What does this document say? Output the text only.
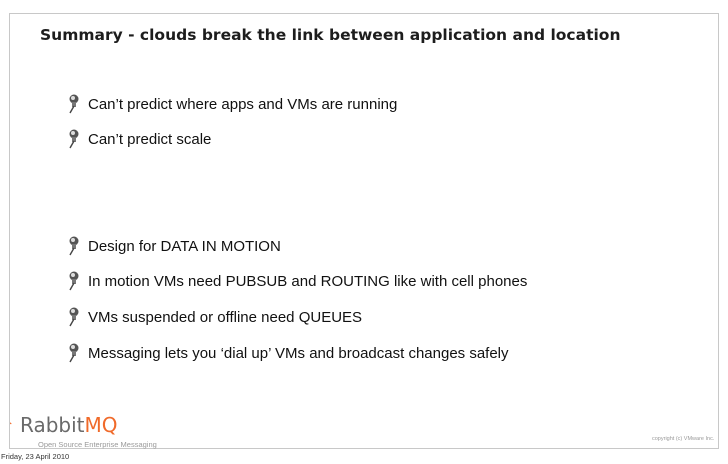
Summary - clouds break the link between application and location
Can’t predict where apps and VMs are running
Can’t predict scale
Design for DATA IN MOTION
In motion VMs need PUBSUB and ROUTING like with cell phones
VMs suspended or offline need QUEUES
Messaging lets you ‘dial up’ VMs and broadcast changes safely
RabbitMQ
Open Source Enterprise Messaging
copyright (c) VMware Inc.
Friday, 23 April 2010
